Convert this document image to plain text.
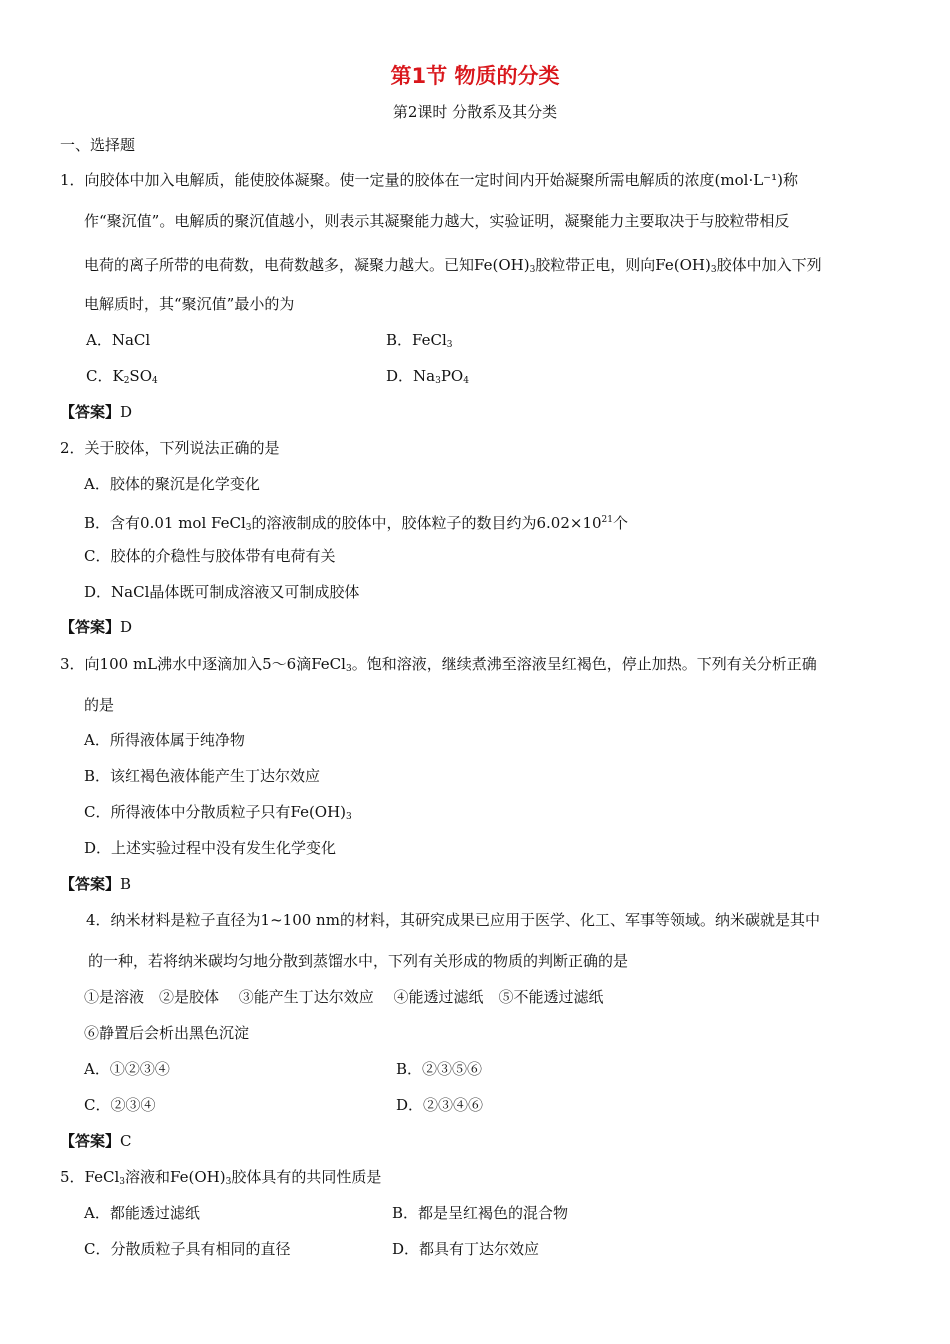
第1节 物质的分类
第2课时 分散系及其分类
一、选择题
1．向胶体中加入电解质，能使胶体凝聚。使一定量的胶体在一定时间内开始凝聚所需电解质的浓度(mol·L⁻¹)称
作“聚沉值”。电解质的聚沉值越小，则表示其凝聚能力越大，实验证明，凝聚能力主要取决于与胶粒带相反
电荷的离子所带的电荷数，电荷数越多，凝聚力越大。已知$Fe(OH)_3$胶粒带正电，则向$Fe(OH)_3$胶体中加入下列
电解质时，其“聚沉值”最小的为
A．NaCl	B．FeCl$_3$
C．$K_2SO_4$	D．$Na_3PO_4$
【答案】D
2．关于胶体，下列说法正确的是
A．胶体的聚沉是化学变化
B．含有0.01 mol FeCl$_3$的溶液制成的胶体中，胶体粒子的数目约为$6.02\times 10^{21}$个
C．胶体的介稳性与胶体带有电荷有关
D．NaCl晶体既可制成溶液又可制成胶体
【答案】D
3．向100 mL沸水中逐滴加入5～6滴FeCl$_3$。饱和溶液，继续煮沸至溶液呈红褐色，停止加热。下列有关分析正确
的是
A．所得液体属于纯净物
B．该红褐色液体能产生丁达尔效应
C．所得液体中分散质粒子只有$Fe(OH)_3$
D．上述实验过程中没有发生化学变化
【答案】B
4．纳米材料是粒子直径为1~100 nm的材料，其研究成果已应用于医学、化工、军事等领域。纳米碳就是其中
的一种，若将纳米碳均匀地分散到蒸馏水中，下列有关形成的物质的判断正确的是
①是溶液　②是胶体　 ③能产生丁达尔效应　 ④能透过滤纸　⑤不能透过滤纸
⑥静置后会析出黑色沉淀
A．①②③④	B．②③⑤⑥
C．②③④	D．②③④⑥
【答案】C
5．FeCl$_3$溶液和$Fe(OH)_3$胶体具有的共同性质是
A．都能透过滤纸	B．都是呈红褐色的混合物
C．分散质粒子具有相同的直径	D．都具有丁达尔效应
